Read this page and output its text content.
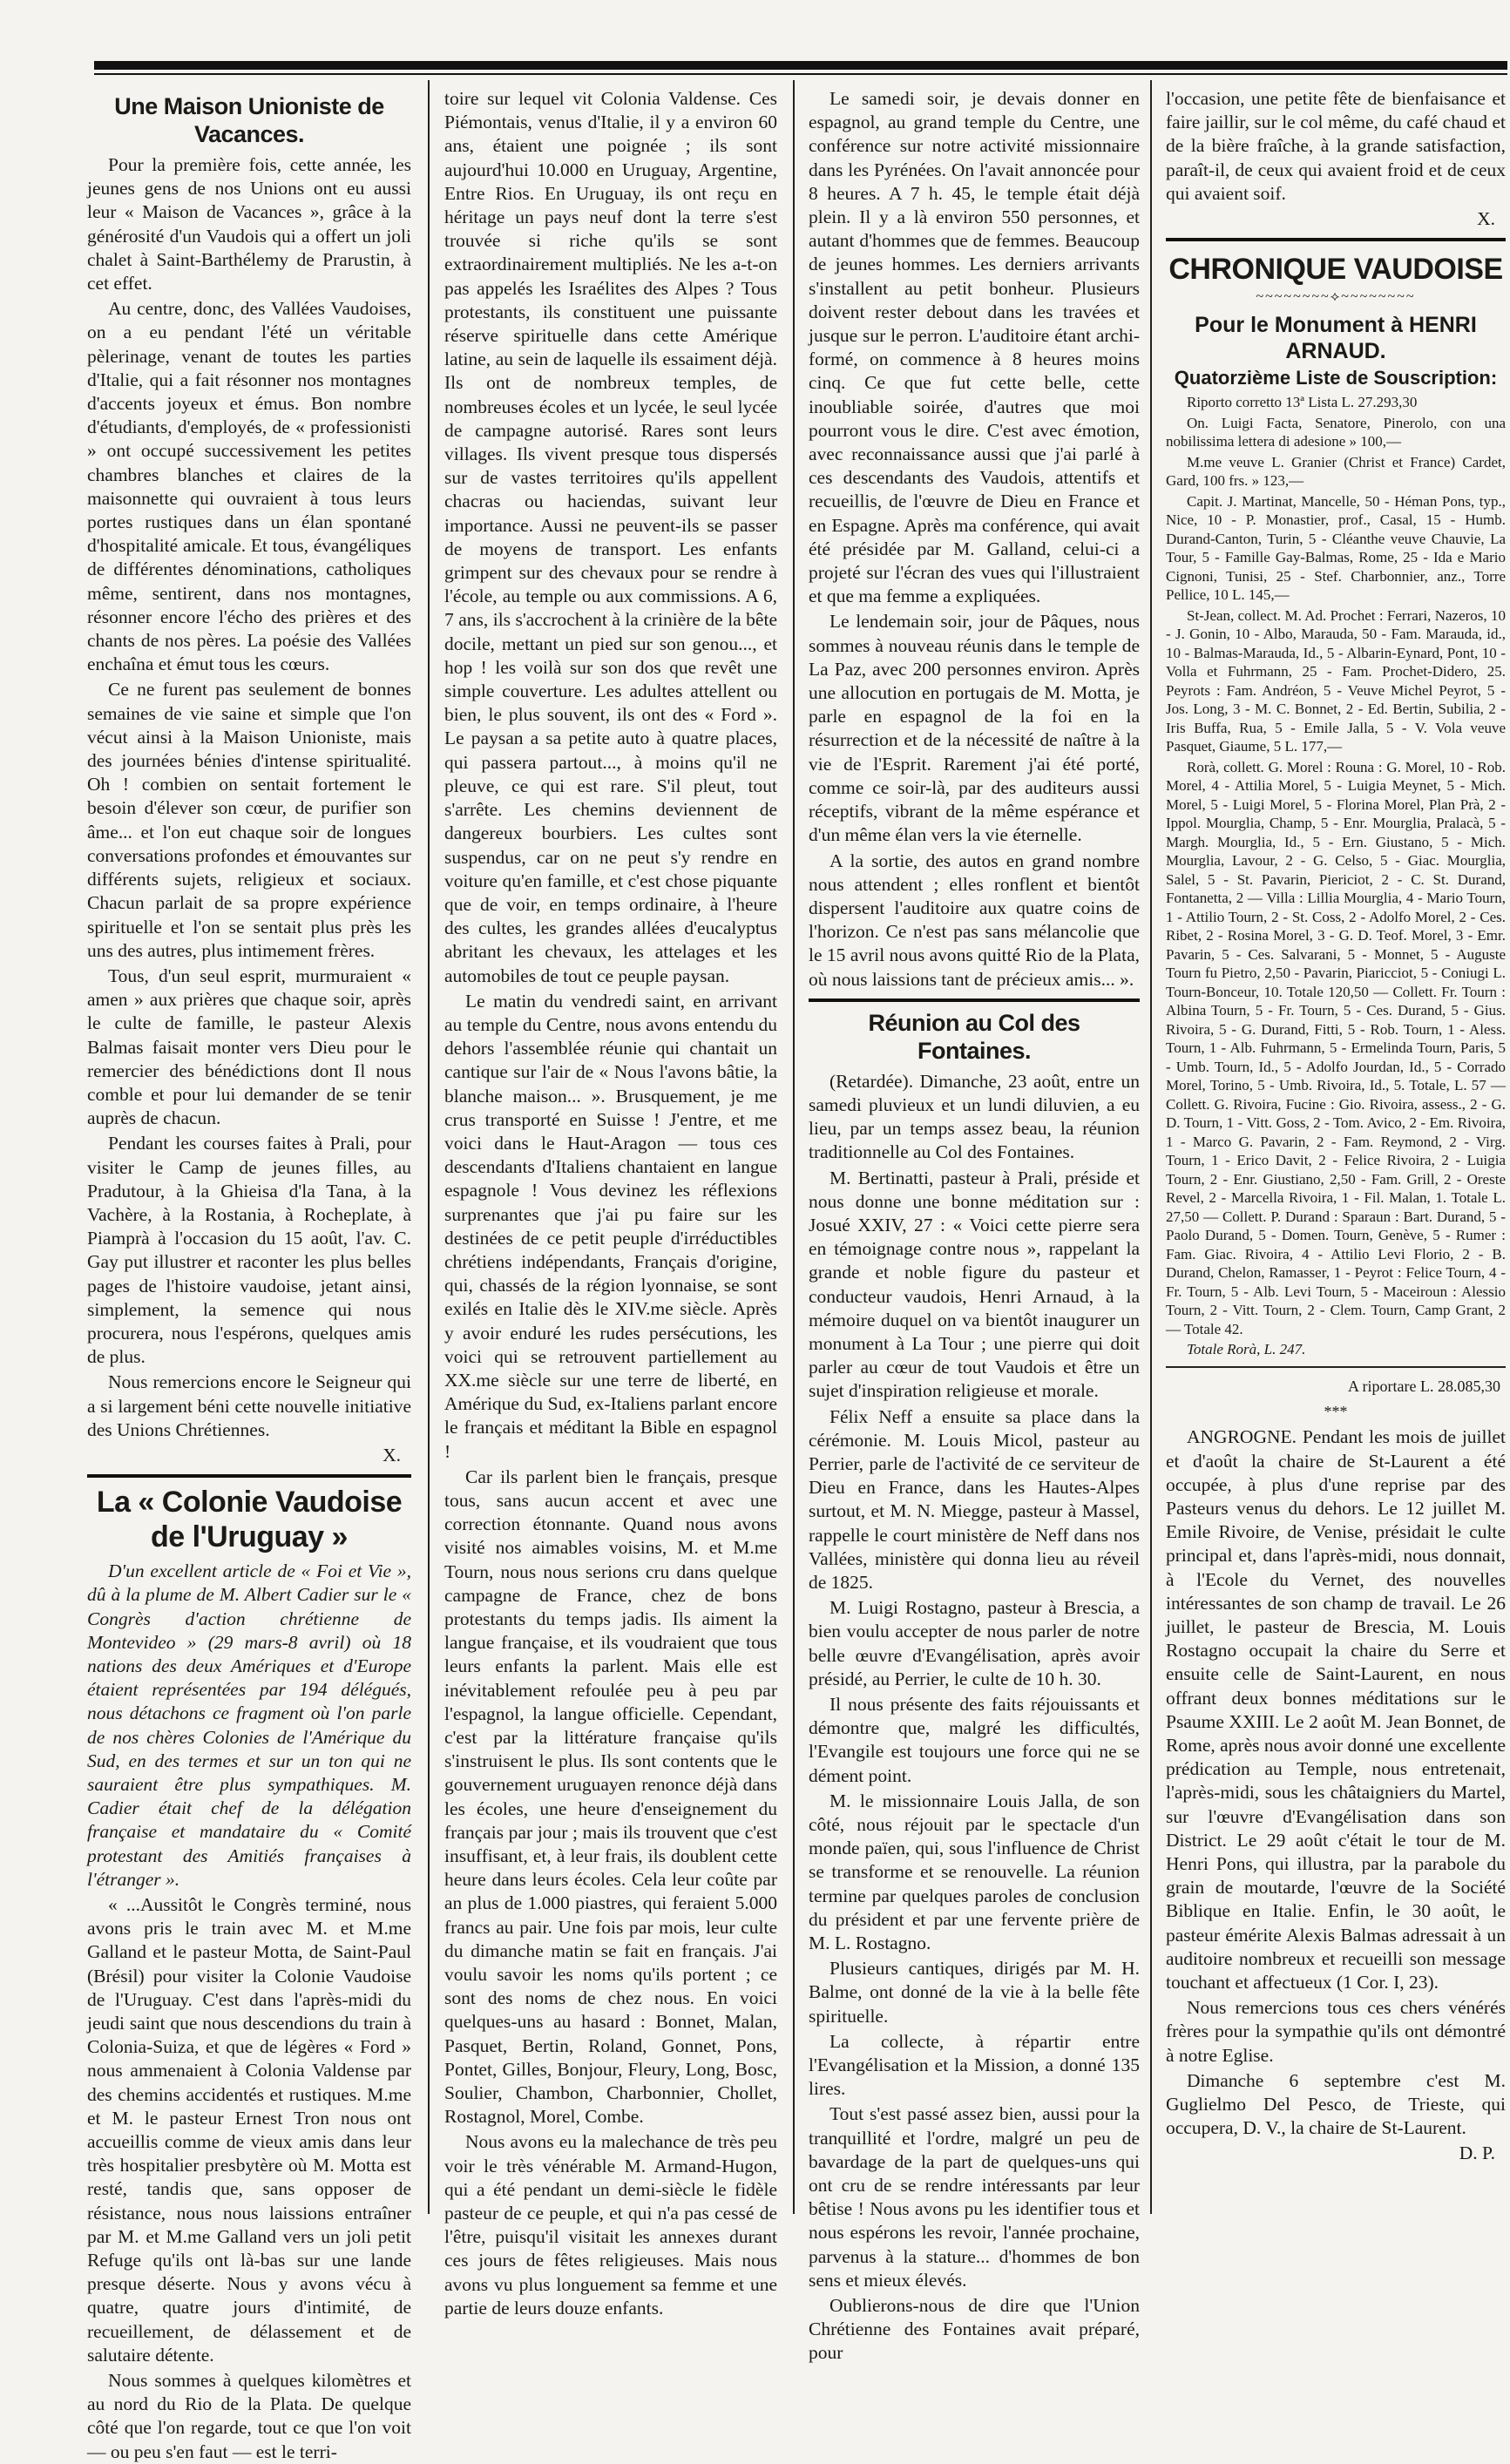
Une Maison Unioniste de Vacances.

Pour la première fois, cette année, les jeunes gens de nos Unions ont eu aussi leur « Maison de Vacances », grâce à la générosité d'un Vaudois qui a offert un joli chalet à Saint-Barthélemy de Prarustin, à cet effet.

Au centre, donc, des Vallées Vaudoises, on a eu pendant l'été un véritable pèlerinage, venant de toutes les parties d'Italie, qui a fait résonner nos montagnes d'accents joyeux et émus. Bon nombre d'étudiants, d'employés, de « professionisti » ont occupé successivement les petites chambres blanches et claires de la maisonnette qui ouvraient à tous leurs portes rustiques dans un élan spontané d'hospitalité amicale. Et tous, évangéliques de différentes dénominations, catholiques même, sentirent, dans nos montagnes, résonner encore l'écho des prières et des chants de nos pères. La poésie des Vallées enchaîna et émut tous les cœurs.

Ce ne furent pas seulement de bonnes semaines de vie saine et simple que l'on vécut ainsi à la Maison Unioniste, mais des journées bénies d'intense spiritualité. Oh ! combien on sentait fortement le besoin d'élever son cœur, de purifier son âme... et l'on eut chaque soir de longues conversations profondes et émouvantes sur différents sujets, religieux et sociaux. Chacun parlait de sa propre expérience spirituelle et l'on se sentait plus près les uns des autres, plus intimement frères.

Tous, d'un seul esprit, murmuraient « amen » aux prières que chaque soir, après le culte de famille, le pasteur Alexis Balmas faisait monter vers Dieu pour le remercier des bénédictions dont Il nous comble et pour lui demander de se tenir auprès de chacun.

Pendant les courses faites à Prali, pour visiter le Camp de jeunes filles, au Pradutour, à la Ghieisa d'la Tana, à la Vachère, à la Rostania, à Rocheplate, à Piamprà à l'occasion du 15 août, l'av. C. Gay put illustrer et raconter les plus belles pages de l'histoire vaudoise, jetant ainsi, simplement, la semence qui nous procurera, nous l'espérons, quelques amis de plus.

Nous remercions encore le Seigneur qui a si largement béni cette nouvelle initiative des Unions Chrétiennes.

X.
La « Colonie Vaudoise de l'Uruguay »

D'un excellent article de « Foi et Vie », dû à la plume de M. Albert Cadier sur le « Congrès d'action chrétienne de Montevideo » (29 mars-8 avril) où 18 nations des deux Amériques et d'Europe étaient représentées par 194 délégués, nous détachons ce fragment où l'on parle de nos chères Colonies de l'Amérique du Sud, en des termes et sur un ton qui ne sauraient être plus sympathiques. M. Cadier était chef de la délégation française et mandataire du « Comité protestant des Amitiés françaises à l'étranger ».

« ...Aussitôt le Congrès terminé, nous avons pris le train avec M. et M.me Galland et le pasteur Motta, de Saint-Paul (Brésil) pour visiter la Colonie Vaudoise de l'Uruguay. C'est dans l'après-midi du jeudi saint que nous descendions du train à Colonia-Suiza, et que de légères « Ford » nous ammenaient à Colonia Valdense par des chemins accidentés et rustiques. M.me et M. le pasteur Ernest Tron nous ont accueillis comme de vieux amis dans leur très hospitalier presbytère où M. Motta est resté, tandis que, sans opposer de résistance, nous nous laissions entraîner par M. et M.me Galland vers un joli petit Refuge qu'ils ont là-bas sur une lande presque déserte. Nous y avons vécu à quatre, quatre jours d'intimité, de recueillement, de délassement et de salutaire détente.

Nous sommes à quelques kilomètres et au nord du Rio de la Plata. De quelque côté que l'on regarde, tout ce que l'on voit — ou peu s'en faut — est le terri-

toire sur lequel vit Colonia Valdense. Ces Piémontais, venus d'Italie, il y a environ 60 ans, étaient une poignée ; ils sont aujourd'hui 10.000 en Uruguay, Argentine, Entre Rios. En Uruguay, ils ont reçu en héritage un pays neuf dont la terre s'est trouvée si riche qu'ils se sont extraordinairement multipliés. Ne les a-t-on pas appelés les Israélites des Alpes ? Tous protestants, ils constituent une puissante réserve spirituelle dans cette Amérique latine, au sein de laquelle ils essaiment déjà. Ils ont de nombreux temples, de nombreuses écoles et un lycée, le seul lycée de campagne autorisé. Rares sont leurs villages. Ils vivent presque tous dispersés sur de vastes territoires qu'ils appellent chacras ou haciendas, suivant leur importance. Aussi ne peuvent-ils se passer de moyens de transport. Les enfants grimpent sur des chevaux pour se rendre à l'école, au temple ou aux commissions. A 6, 7 ans, ils s'accrochent à la crinière de la bête docile, mettant un pied sur son genou..., et hop ! les voilà sur son dos que revêt une simple couverture. Les adultes attellent ou bien, le plus souvent, ils ont des « Ford ». Le paysan a sa petite auto à quatre places, qui passera partout..., à moins qu'il ne pleuve, ce qui est rare. S'il pleut, tout s'arrête. Les chemins deviennent de dangereux bourbiers. Les cultes sont suspendus, car on ne peut s'y rendre en voiture qu'en famille, et c'est chose piquante que de voir, en temps ordinaire, à l'heure des cultes, les grandes allées d'eucalyptus abritant les chevaux, les attelages et les automobiles de tout ce peuple paysan.

Le matin du vendredi saint, en arrivant au temple du Centre, nous avons entendu du dehors l'assemblée réunie qui chantait un cantique sur l'air de « Nous l'avons bâtie, la blanche maison... ». Brusquement, je me crus transporté en Suisse ! J'entre, et me voici dans le Haut-Aragon — tous ces descendants d'Italiens chantaient en langue espagnole ! Vous devinez les réflexions surprenantes que j'ai pu faire sur les destinées de ce petit peuple d'irréductibles chrétiens indépendants, Français d'origine, qui, chassés de la région lyonnaise, se sont exilés en Italie dès le XIV.me siècle. Après y avoir enduré les rudes persécutions, les voici qui se retrouvent partiellement au XX.me siècle sur une terre de liberté, en Amérique du Sud, ex-Italiens parlant encore le français et méditant la Bible en espagnol !

Car ils parlent bien le français, presque tous, sans aucun accent et avec une correction étonnante. Quand nous avons visité nos aimables voisins, M. et M.me Tourn, nous nous serions cru dans quelque campagne de France, chez de bons protestants du temps jadis. Ils aiment la langue française, et ils voudraient que tous leurs enfants la parlent. Mais elle est inévitablement refoulée peu à peu par l'espagnol, la langue officielle. Cependant, c'est par la littérature française qu'ils s'instruisent le plus. Ils sont contents que le gouvernement uruguayen renonce déjà dans les écoles, une heure d'enseignement du français par jour ; mais ils trouvent que c'est insuffisant, et, à leur frais, ils doublent cette heure dans leurs écoles. Cela leur coûte par an plus de 1.000 piastres, qui feraient 5.000 francs au pair. Une fois par mois, leur culte du dimanche matin se fait en français. J'ai voulu savoir les noms qu'ils portent ; ce sont des noms de chez nous. En voici quelques-uns au hasard : Bonnet, Malan, Pasquet, Bertin, Roland, Gonnet, Pons, Pontet, Gilles, Bonjour, Fleury, Long, Bosc, Soulier, Chambon, Charbonnier, Chollet, Rostagnol, Morel, Combe.

Nous avons eu la malechance de très peu voir le très vénérable M. Armand-Hugon, qui a été pendant un demi-siècle le fidèle pasteur de ce peuple, et qui n'a pas cessé de l'être, puisqu'il visitait les annexes durant ces jours de fêtes religieuses. Mais nous avons vu plus longuement sa femme et une partie de leurs douze enfants.

Le samedi soir, je devais donner en espagnol, au grand temple du Centre, une conférence sur notre activité missionnaire dans les Pyrénées. On l'avait annoncée pour 8 heures. A 7 h. 45, le temple était déjà plein. Il y a là environ 550 personnes, et autant d'hommes que de femmes. Beaucoup de jeunes hommes. Les derniers arrivants s'installent au petit bonheur. Plusieurs doivent rester debout dans les travées et jusque sur le perron. L'auditoire étant archi-formé, on commence à 8 heures moins cinq. Ce que fut cette belle, cette inoubliable soirée, d'autres que moi pourront vous le dire. C'est avec émotion, avec reconnaissance aussi que j'ai parlé à ces descendants des Vaudois, attentifs et recueillis, de l'œuvre de Dieu en France et en Espagne. Après ma conférence, qui avait été présidée par M. Galland, celui-ci a projeté sur l'écran des vues qui l'illustraient et que ma femme a expliquées.

Le lendemain soir, jour de Pâques, nous sommes à nouveau réunis dans le temple de La Paz, avec 200 personnes environ. Après une allocution en portugais de M. Motta, je parle en espagnol de la foi en la résurrection et de la nécessité de naître à la vie de l'Esprit. Rarement j'ai été porté, comme ce soir-là, par des auditeurs aussi réceptifs, vibrant de la même espérance et d'un même élan vers la vie éternelle.

A la sortie, des autos en grand nombre nous attendent ; elles ronflent et bientôt dispersent l'auditoire aux quatre coins de l'horizon. Ce n'est pas sans mélancolie que le 15 avril nous avons quitté Rio de la Plata, où nous laissions tant de précieux amis... ».

Réunion au Col des Fontaines.

(Retardée). Dimanche, 23 août, entre un samedi pluvieux et un lundi diluvien, a eu lieu, par un temps assez beau, la réunion traditionnelle au Col des Fontaines.

M. Bertinatti, pasteur à Prali, préside et nous donne une bonne méditation sur : Josué XXIV, 27 : « Voici cette pierre sera en témoignage contre nous », rappelant la grande et noble figure du pasteur et conducteur vaudois, Henri Arnaud, à la mémoire duquel on va bientôt inaugurer un monument à La Tour ; une pierre qui doit parler au cœur de tout Vaudois et être un sujet d'inspiration religieuse et morale.

Félix Neff a ensuite sa place dans la cérémonie. M. Louis Micol, pasteur au Perrier, parle de l'activité de ce serviteur de Dieu en France, dans les Hautes-Alpes surtout, et M. N. Miegge, pasteur à Massel, rappelle le court ministère de Neff dans nos Vallées, ministère qui donna lieu au réveil de 1825.

M. Luigi Rostagno, pasteur à Brescia, a bien voulu accepter de nous parler de notre belle œuvre d'Evangélisation, après avoir présidé, au Perrier, le culte de 10 h. 30.

Il nous présente des faits réjouissants et démontre que, malgré les difficultés, l'Evangile est toujours une force qui ne se dément point.

M. le missionnaire Louis Jalla, de son côté, nous réjouit par le spectacle d'un monde païen, qui, sous l'influence de Christ se transforme et se renouvelle. La réunion termine par quelques paroles de conclusion du président et par une fervente prière de M. L. Rostagno.

Plusieurs cantiques, dirigés par M. H. Balme, ont donné de la vie à la belle fête spirituelle.

La collecte, à répartir entre l'Evangélisation et la Mission, a donné 135 lires.

Tout s'est passé assez bien, aussi pour la tranquillité et l'ordre, malgré un peu de bavardage de la part de quelques-uns qui ont cru de se rendre intéressants par leur bêtise ! Nous avons pu les identifier tous et nous espérons les revoir, l'année prochaine, parvenus à la stature... d'hommes de bon sens et mieux élevés.

Oublierons-nous de dire que l'Union Chrétienne des Fontaines avait préparé, pour

l'occasion, une petite fête de bienfaisance et faire jaillir, sur le col même, du café chaud et de la bière fraîche, à la grande satisfaction, paraît-il, de ceux qui avaient froid et de ceux qui avaient soif.

X.
CHRONIQUE VAUDOISE
~~~~~~~~⟡~~~~~~~~
Pour le Monument à HENRI ARNAUD.
Quatorzième Liste de Souscription:

Riporto corretto 13ª Lista L. 27.293,30

On. Luigi Facta, Senatore, Pinerolo, con una nobilissima lettera di adesione » 100,—

M.me veuve L. Granier (Christ et France) Cardet, Gard, 100 frs. » 123,—

Capit. J. Martinat, Mancelle, 50 - Héman Pons, typ., Nice, 10 - P. Monastier, prof., Casal, 15 - Humb. Durand-Canton, Turin, 5 - Cléanthe veuve Chauvie, La Tour, 5 - Famille Gay-Balmas, Rome, 25 - Ida e Mario Cignoni, Tunisi, 25 - Stef. Charbonnier, anz., Torre Pellice, 10 L. 145,—

St-Jean, collect. M. Ad. Prochet : Ferrari, Nazeros, 10 - J. Gonin, 10 - Albo, Marauda, 50 - Fam. Marauda, id., 10 - Balmas-Marauda, Id., 5 - Albarin-Eynard, Pont, 10 - Volla et Fuhrmann, 25 - Fam. Prochet-Didero, 25. Peyrots : Fam. Andréon, 5 - Veuve Michel Peyrot, 5 - Jos. Long, 3 - M. C. Bonnet, 2 - Ed. Bertin, Subilia, 2 - Iris Buffa, Rua, 5 - Emile Jalla, 5 - V. Vola veuve Pasquet, Giaume, 5 L. 177,—

Rorà, collett. G. Morel : Rouna : G. Morel, 10 - Rob. Morel, 4 - Attilia Morel, 5 - Luigia Meynet, 5 - Mich. Morel, 5 - Luigi Morel, 5 - Florina Morel, Plan Prà, 2 - Ippol. Mourglia, Champ, 5 - Enr. Mourglia, Pralacà, 5 - Margh. Mourglia, Id., 5 - Ern. Giustano, 5 - Mich. Mourglia, Lavour, 2 - G. Celso, 5 - Giac. Mourglia, Salel, 5 - St. Pavarin, Piericiot, 2 - C. St. Durand, Fontanetta, 2 — Villa : Lillia Mourglia, 4 - Mario Tourn, 1 - Attilio Tourn, 2 - St. Coss, 2 - Adolfo Morel, 2 - Ces. Ribet, 2 - Rosina Morel, 3 - G. D. Teof. Morel, 3 - Emr. Pavarin, 5 - Ces. Salvarani, 5 - Monnet, 5 - Auguste Tourn fu Pietro, 2,50 - Pavarin, Piaricciot, 5 - Coniugi L. Tourn-Bonceur, 10. Totale 120,50 — Collett. Fr. Tourn : Albina Tourn, 5 - Fr. Tourn, 5 - Ces. Durand, 5 - Gius. Rivoira, 5 - G. Durand, Fitti, 5 - Rob. Tourn, 1 - Aless. Tourn, 1 - Alb. Fuhrmann, 5 - Ermelinda Tourn, Paris, 5 - Umb. Tourn, Id., 5 - Adolfo Jourdan, Id., 5 - Corrado Morel, Torino, 5 - Umb. Rivoira, Id., 5. Totale, L. 57 — Collett. G. Rivoira, Fucine : Gio. Rivoira, assess., 2 - G. D. Tourn, 1 - Vitt. Goss, 2 - Tom. Avico, 2 - Em. Rivoira, 1 - Marco G. Pavarin, 2 - Fam. Reymond, 2 - Virg. Tourn, 1 - Erico Davit, 2 - Felice Rivoira, 2 - Luigia Tourn, 2 - Enr. Giustiano, 2,50 - Fam. Grill, 2 - Oreste Revel, 2 - Marcella Rivoira, 1 - Fil. Malan, 1. Totale L. 27,50 — Collett. P. Durand : Sparaun : Bart. Durand, 5 - Paolo Durand, 5 - Domen. Tourn, Genève, 5 - Rumer : Fam. Giac. Rivoira, 4 - Attilio Levi Florio, 2 - B. Durand, Chelon, Ramasser, 1 - Peyrot : Felice Tourn, 4 - Fr. Tourn, 5 - Alb. Levi Tourn, 5 - Maceiroun : Alessio Tourn, 2 - Vitt. Tourn, 2 - Clem. Tourn, Camp Grant, 2 — Totale 42.

Totale Rorà, L. 247.

A riportare L. 28.085,30
***

ANGROGNE. Pendant les mois de juillet et d'août la chaire de St-Laurent a été occupée, à plus d'une reprise par des Pasteurs venus du dehors. Le 12 juillet M. Emile Rivoire, de Venise, présidait le culte principal et, dans l'après-midi, nous donnait, à l'Ecole du Vernet, des nouvelles intéressantes de son champ de travail. Le 26 juillet, le pasteur de Brescia, M. Louis Rostagno occupait la chaire du Serre et ensuite celle de Saint-Laurent, en nous offrant deux bonnes méditations sur le Psaume XXIII. Le 2 août M. Jean Bonnet, de Rome, après nous avoir donné une excellente prédication au Temple, nous entretenait, l'après-midi, sous les châtaigniers du Martel, sur l'œuvre d'Evangélisation dans son District. Le 29 août c'était le tour de M. Henri Pons, qui illustra, par la parabole du grain de moutarde, l'œuvre de la Société Biblique en Italie. Enfin, le 30 août, le pasteur émérite Alexis Balmas adressait à un auditoire nombreux et recueilli son message touchant et affectueux (1 Cor. I, 23).

Nous remercions tous ces chers vénérés frères pour la sympathie qu'ils ont démontré à notre Eglise.

Dimanche 6 septembre c'est M. Guglielmo Del Pesco, de Trieste, qui occupera, D. V., la chaire de St-Laurent.

D. P.
